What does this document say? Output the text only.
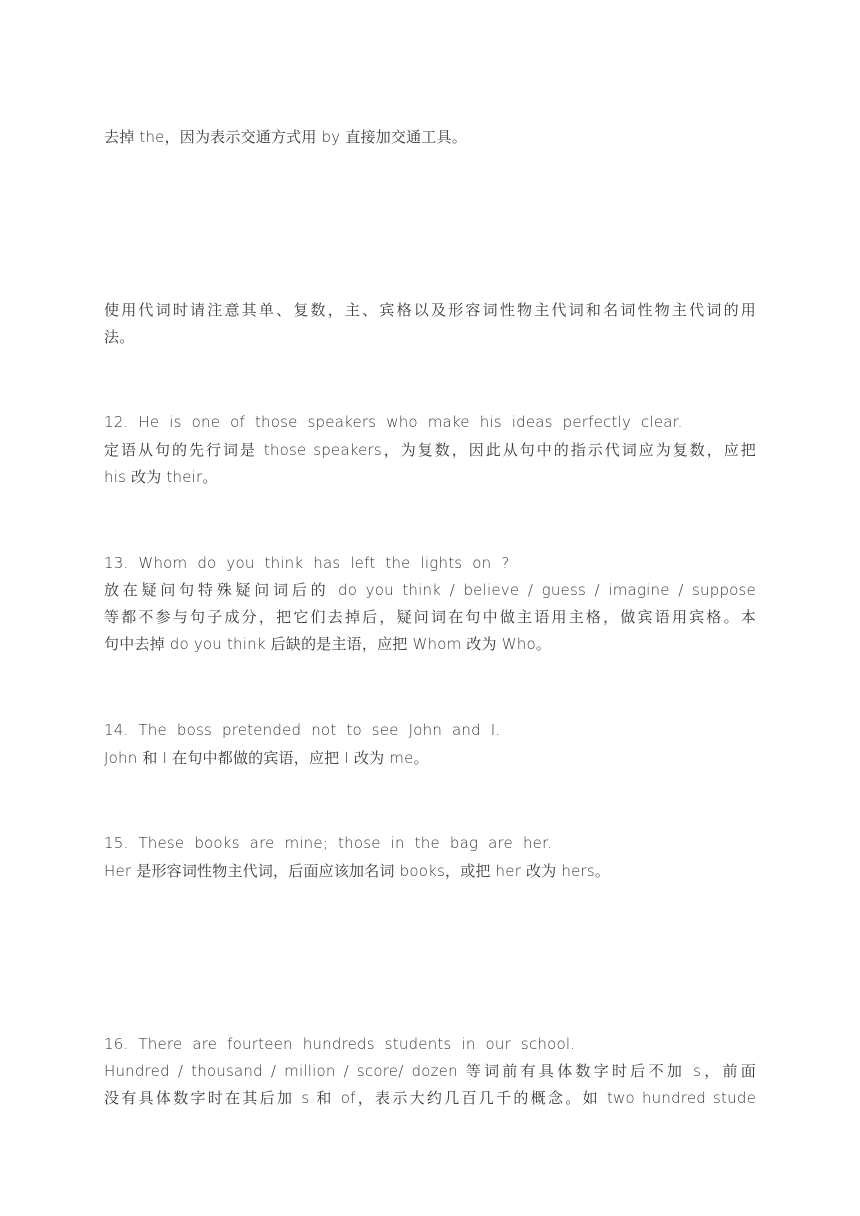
去掉 the，因为表示交通方式用 by 直接加交通工具。
使用代词时请注意其单、复数，主、宾格以及形容词性物主代词和名词性物主代词的用
法。
12. He is one of those speakers who make his ideas perfectly clear.
定语从句的先行词是 those speakers，为复数，因此从句中的指示代词应为复数，应把
his 改为 their。
13. Whom do you think has left the lights on ?
放在疑问句特殊疑问词后的 do you think / believe / guess / imagine / suppose
等都不参与句子成分，把它们去掉后，疑问词在句中做主语用主格，做宾语用宾格。本
句中去掉 do you think 后缺的是主语，应把 Whom 改为 Who。
14. The boss pretended not to see John and I.
John 和 I 在句中都做的宾语，应把 I 改为 me。
15. These books are mine; those in the bag are her.
Her 是形容词性物主代词，后面应该加名词 books，或把 her 改为 hers。
16. There are fourteen hundreds students in our school.
Hundred / thousand / million / score/ dozen 等词前有具体数字时后不加 s，前面
没有具体数字时在其后加 s 和 of，表示大约几百几千的概念。如 two hundred stude
